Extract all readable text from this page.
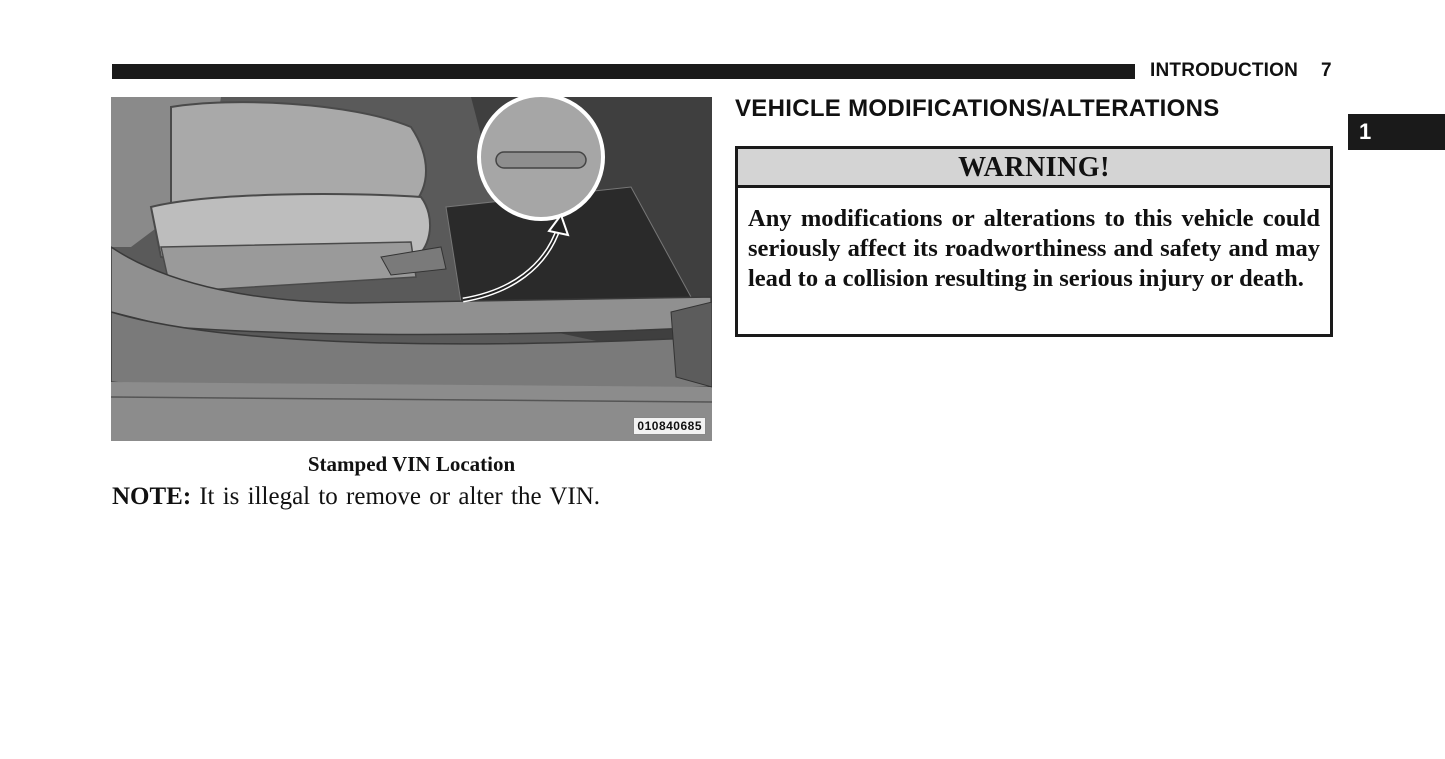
INTRODUCTION 7
1
010840685
Stamped VIN Location
NOTE: It is illegal to remove or alter the VIN.
VEHICLE MODIFICATIONS/ALTERATIONS
WARNING!
Any modifications or alterations to this vehicle could seriously affect its roadworthiness and safety and may lead to a collision resulting in serious injury or death.
